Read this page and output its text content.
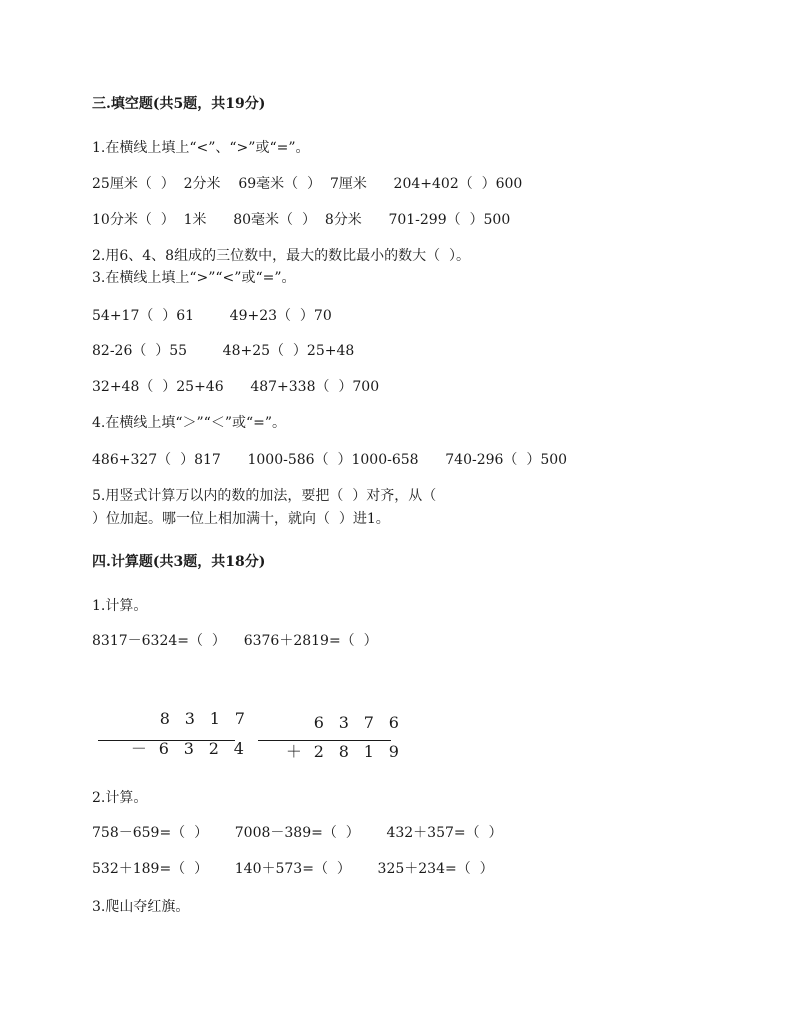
三.填空题(共5题，共19分)
1.在横线上填上“<”、“>”或“=”。
25厘米（  ）  2分米    69毫米（  ）  7厘米      204+402（  ）600
10分米（  ）  1米      80毫米（  ）  8分米      701-299（  ）500
2.用6、4、8组成的三位数中，最大的数比最小的数大（  ）。
3.在横线上填上“>”“<”或“=”。
54+17（  ）61        49+23（  ）70
82-26（  ）55        48+25（  ）25+48
32+48（  ）25+46      487+338（  ）700
4.在横线上填“＞”“＜”或“=”。
486+327（  ）817      1000-586（  ）1000-658      740-296（  ）500
5.用竖式计算万以内的数的加法，要把（  ）对齐，从（
）位加起。哪一位上相加满十，就向（  ）进1。
四.计算题(共3题，共18分)
1.计算。
8317－6324=（  ）    6376＋2819=（  ）

8 3 1 7

－ 6 3 2 4

6 3 7 6

＋ 2 8 1 9

2.计算。
758－659=（  ）      7008－389=（  ）      432＋357=（  ）
532＋189=（  ）      140＋573=（  ）      325＋234=（  ）
3.爬山夺红旗。
